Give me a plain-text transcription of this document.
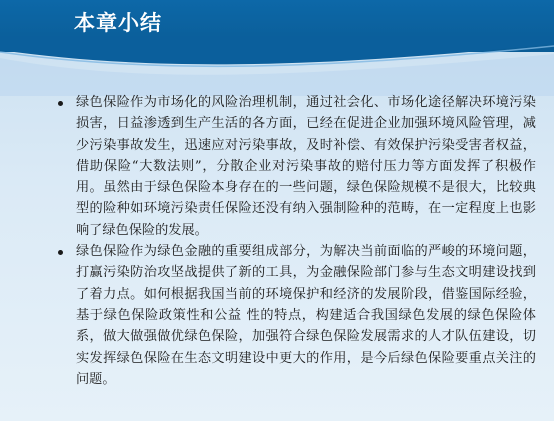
本章小结
绿色保险作为市场化的风险治理机制，通过社会化、市场化途径解决环境污染损害，日益渗透到生产生活的各方面，已经在促进企业加强环境风险管理，减少污染事故发生，迅速应对污染事故，及时补偿、有效保护污染受害者权益，借助保险“大数法则”，分散企业对污染事故的赔付压力等方面发挥了积极作用。虽然由于绿色保险本身存在的一些问题，绿色保险规模不是很大，比较典型的险种如环境污染责任保险还没有纳入强制险种的范畴，在一定程度上也影响了绿色保险的发展。
绿色保险作为绿色金融的重要组成部分，为解决当前面临的严峻的环境问题，打赢污染防治攻坚战提供了新的工具，为金融保险部门参与生态文明建设找到了着力点。如何根据我国当前的环境保护和经济的发展阶段，借鉴国际经验，基于绿色保险政策性和公益 性的特点，构建适合我国绿色发展的绿色保险体系，做大做强做优绿色保险，加强符合绿色保险发展需求的人才队伍建设，切实发挥绿色保险在生态文明建设中更大的作用，是今后绿色保险要重点关注的问题。
